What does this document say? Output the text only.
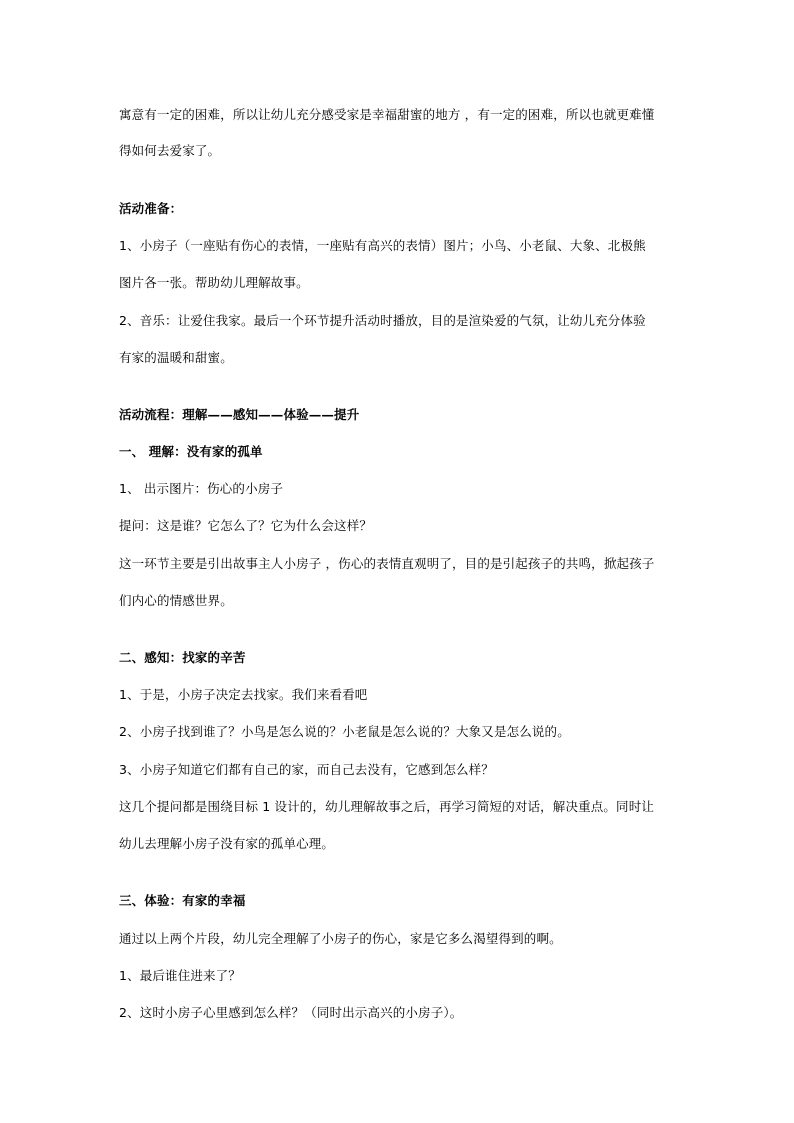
寓意有一定的困难，所以让幼儿充分感受家是幸福甜蜜的地方 ，有一定的困难，所以也就更难懂
得如何去爱家了。
活动准备：
1、小房子（一座贴有伤心的表情，一座贴有高兴的表情）图片；小鸟、小老鼠、大象、北极熊
图片各一张。帮助幼儿理解故事。
2、音乐：让爱住我家。最后一个环节提升活动时播放，目的是渲染爱的气氛，让幼儿充分体验
有家的温暖和甜蜜。
活动流程：理解——感知——体验——提升
一、 理解：没有家的孤单
1、 出示图片：伤心的小房子
提问：这是谁？它怎么了？它为什么会这样？
这一环节主要是引出故事主人小房子 ，伤心的表情直观明了，目的是引起孩子的共鸣，掀起孩子
们内心的情感世界。
二、感知：找家的辛苦
1、于是，小房子决定去找家。我们来看看吧
2、小房子找到谁了？小鸟是怎么说的？小老鼠是怎么说的？大象又是怎么说的。
3、小房子知道它们都有自己的家，而自己去没有，它感到怎么样？
这几个提问都是围绕目标 1 设计的，幼儿理解故事之后，再学习简短的对话，解决重点。同时让
幼儿去理解小房子没有家的孤单心理。
三、体验：有家的幸福
通过以上两个片段，幼儿完全理解了小房子的伤心，家是它多么渴望得到的啊。
1、最后谁住进来了？
2、这时小房子心里感到怎么样？（同时出示高兴的小房子）。
